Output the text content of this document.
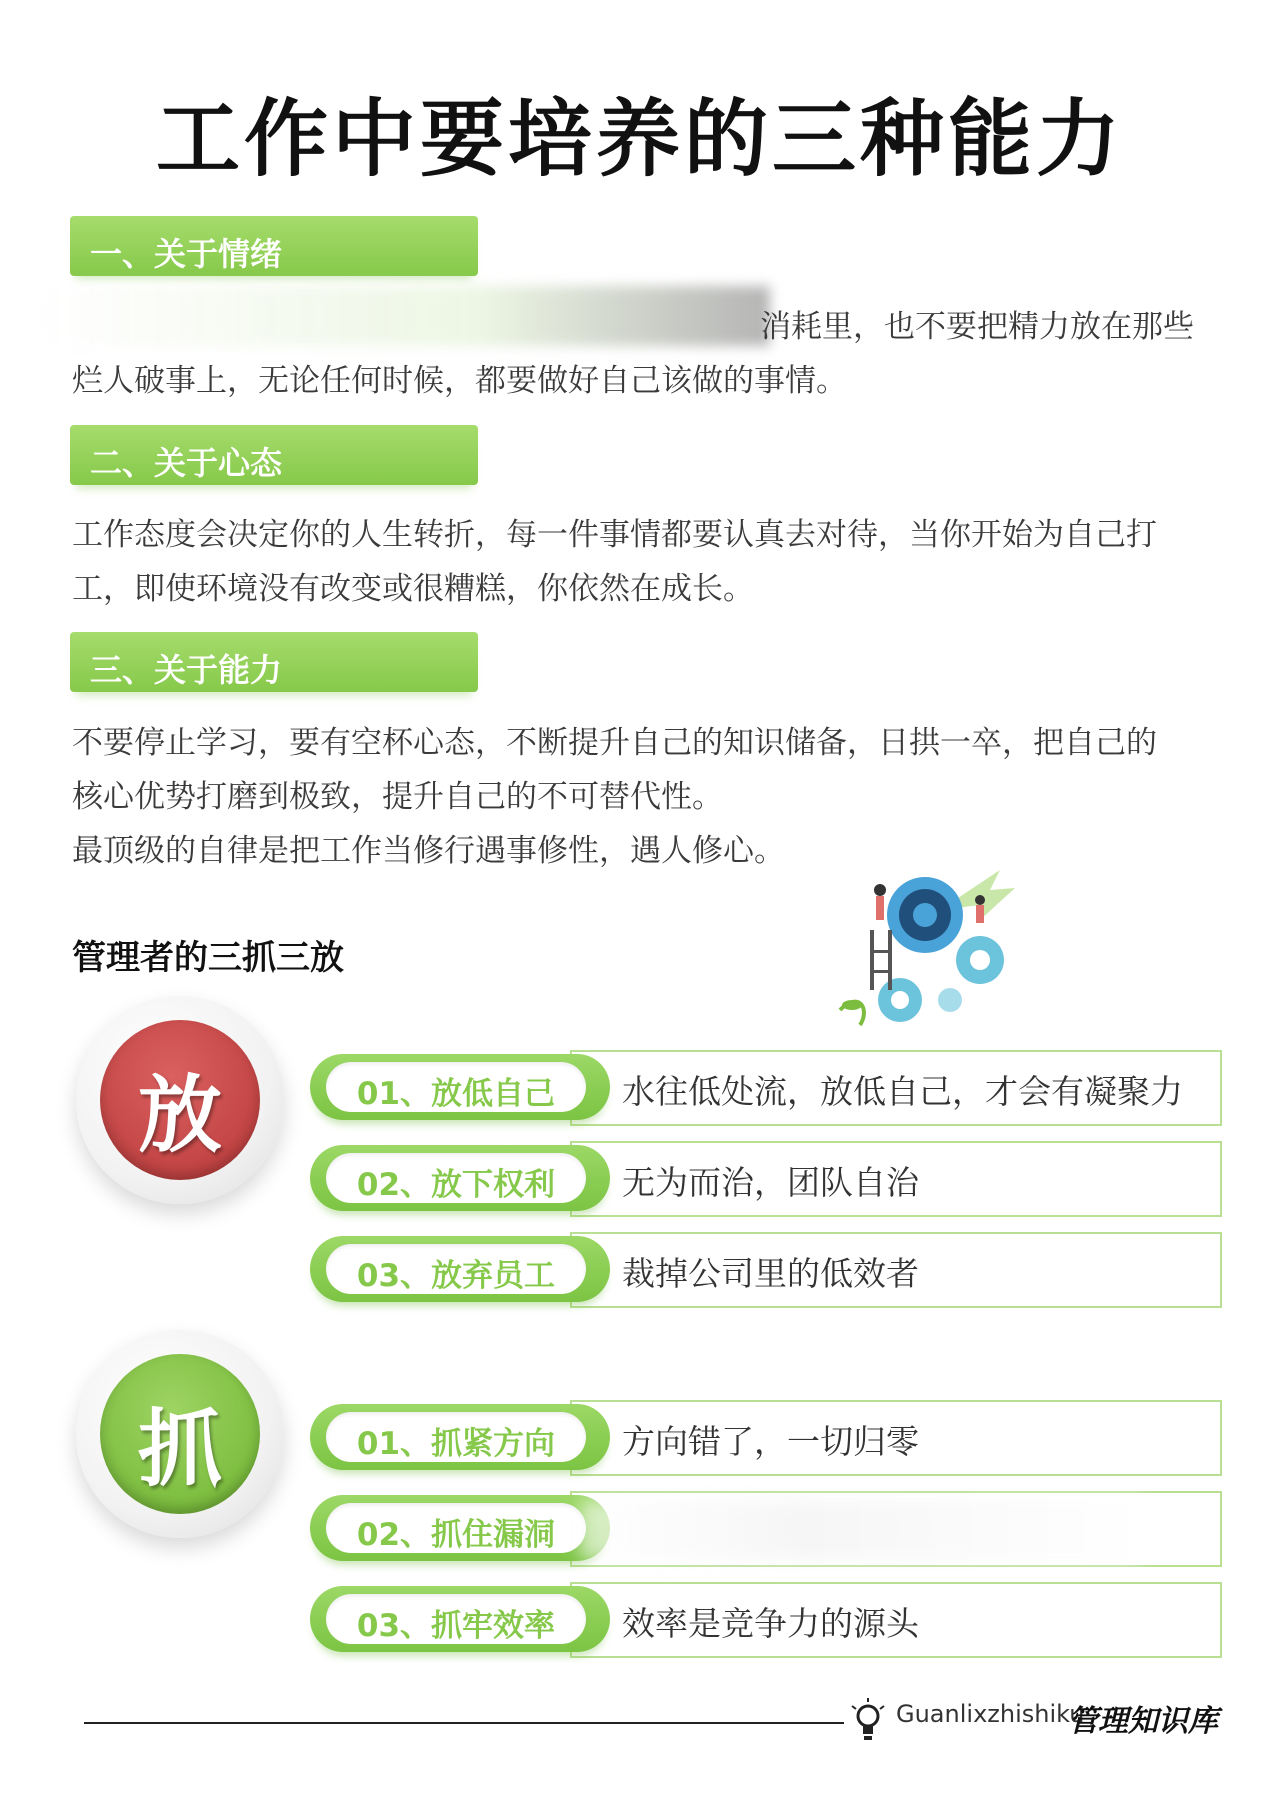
工作中要培养的三种能力
一、关于情绪
消耗里，也不要把精力放在那些
烂人破事上，无论任何时候，都要做好自己该做的事情。
二、关于心态
工作态度会决定你的人生转折，每一件事情都要认真去对待，当你开始为自己打
工，即使环境没有改变或很糟糕，你依然在成长。
三、关于能力
不要停止学习，要有空杯心态，不断提升自己的知识储备，日拱一卒，把自己的
核心优势打磨到极致，提升自己的不可替代性。
最顶级的自律是把工作当修行遇事修性，遇人修心。
管理者的三抓三放
放	水往低处流，放低自己，才会有凝聚力
01、放低自己
无为而治，团队自治
02、放下权利
裁掉公司里的低效者
03、放弃员工
抓	方向错了，一切归零
01、抓紧方向
02、抓住漏洞
效率是竞争力的源头
03、抓牢效率
Guanlixzhishiku
管理知识库
